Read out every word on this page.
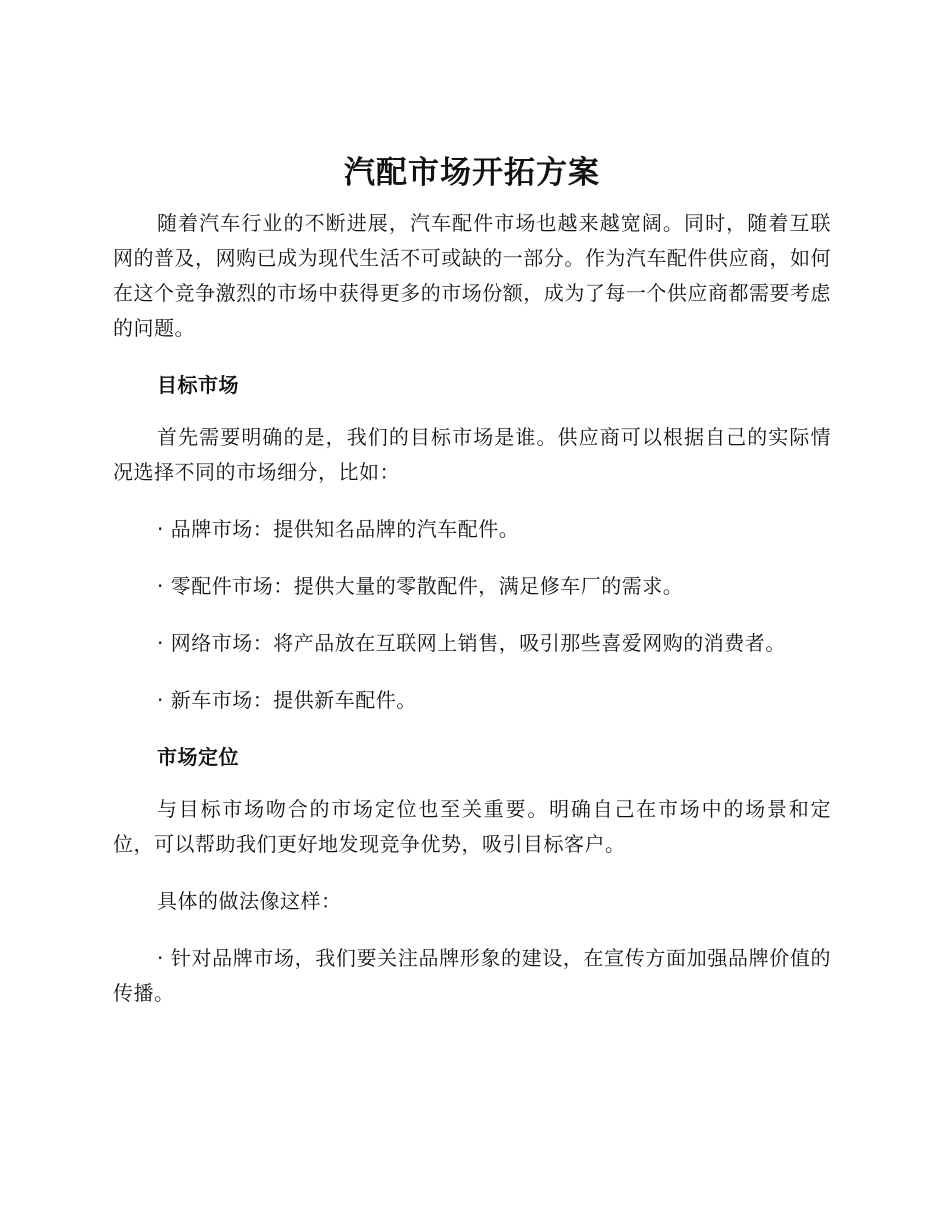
汽配市场开拓方案

随着汽车行业的不断进展，汽车配件市场也越来越宽阔。同时，随着互联网的普及，网购已成为现代生活不可或缺的一部分。作为汽车配件供应商，如何在这个竞争激烈的市场中获得更多的市场份额，成为了每一个供应商都需要考虑的问题。

目标市场

首先需要明确的是，我们的目标市场是谁。供应商可以根据自己的实际情况选择不同的市场细分，比如：

· 品牌市场：提供知名品牌的汽车配件。

· 零配件市场：提供大量的零散配件，满足修车厂的需求。

· 网络市场：将产品放在互联网上销售，吸引那些喜爱网购的消费者。

· 新车市场：提供新车配件。

市场定位

与目标市场吻合的市场定位也至关重要。明确自己在市场中的场景和定位，可以帮助我们更好地发现竞争优势，吸引目标客户。

具体的做法像这样：

· 针对品牌市场，我们要关注品牌形象的建设，在宣传方面加强品牌价值的传播。
